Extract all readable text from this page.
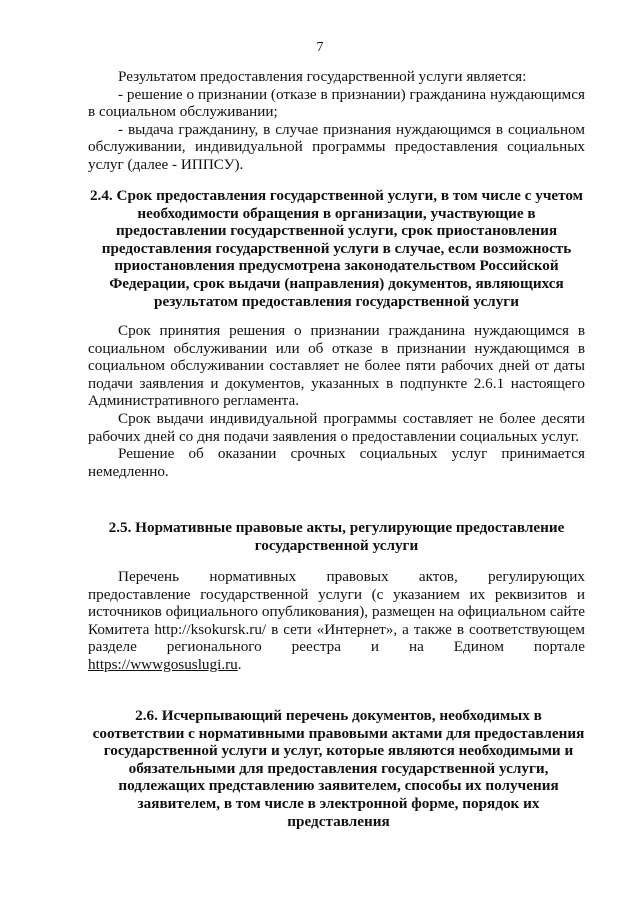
7

Результатом предоставления государственной услуги является:

- решение о признании (отказе в признании) гражданина нуждающимся в социальном обслуживании;

- выдача гражданину, в случае признания нуждающимся в социальном обслуживании, индивидуальной программы предоставления социальных услуг (далее - ИППСУ).

2.4. Срок предоставления государственной услуги, в том числе с учетом необходимости обращения в организации, участвующие в предоставлении государственной услуги, срок приостановления предоставления государственной услуги в случае, если возможность приостановления предусмотрена законодательством Российской Федерации, срок выдачи (направления) документов, являющихся результатом предоставления государственной услуги

Срок принятия решения о признании гражданина нуждающимся в социальном обслуживании или об отказе в признании нуждающимся в социальном обслуживании составляет не более пяти рабочих дней от даты подачи заявления и документов, указанных в подпункте 2.6.1 настоящего Административного регламента.

Срок выдачи индивидуальной программы составляет не более десяти рабочих дней со дня подачи заявления о предоставлении социальных услуг.

Решение об оказании срочных социальных услуг принимается немедленно.

2.5. Нормативные правовые акты, регулирующие предоставление государственной услуги

Перечень нормативных правовых актов, регулирующих предоставление государственной услуги (с указанием их реквизитов и источников официального опубликования), размещен на официальном сайте Комитета http://ksokursk.ru/ в сети «Интернет», а также в соответствующем разделе регионального реестра и на Едином портале https://wwwgosuslugi.ru.

2.6. Исчерпывающий перечень документов, необходимых в соответствии с нормативными правовыми актами для предоставления государственной услуги и услуг, которые являются необходимыми и обязательными для предоставления государственной услуги, подлежащих представлению заявителем, способы их получения заявителем, в том числе в электронной форме, порядок их представления
